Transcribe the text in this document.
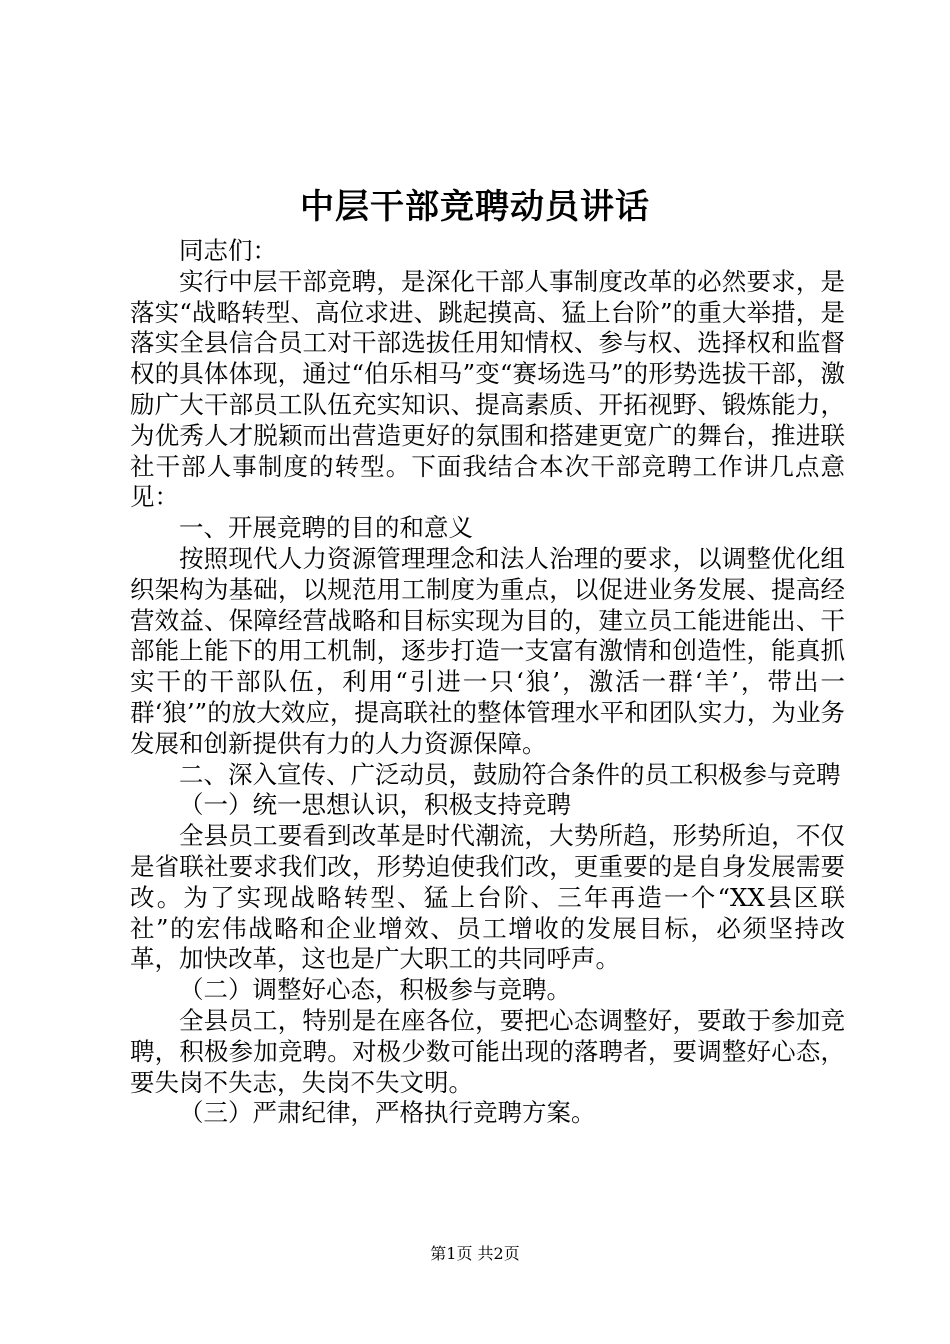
中层干部竞聘动员讲话

同志们：

实行中层干部竞聘，是深化干部人事制度改革的必然要求，是落实“战略转型、高位求进、跳起摸高、猛上台阶”的重大举措，是落实全县信合员工对干部选拔任用知情权、参与权、选择权和监督权的具体体现，通过“伯乐相马”变“赛场选马”的形势选拔干部，激励广大干部员工队伍充实知识、提高素质、开拓视野、锻炼能力，为优秀人才脱颖而出营造更好的氛围和搭建更宽广的舞台，推进联社干部人事制度的转型。下面我结合本次干部竞聘工作讲几点意见：

一、开展竞聘的目的和意义

按照现代人力资源管理理念和法人治理的要求，以调整优化组织架构为基础，以规范用工制度为重点，以促进业务发展、提高经营效益、保障经营战略和目标实现为目的，建立员工能进能出、干部能上能下的用工机制，逐步打造一支富有激情和创造性，能真抓实干的干部队伍，利用“引进一只‘狼’，激活一群‘羊’，带出一群‘狼’”的放大效应，提高联社的整体管理水平和团队实力，为业务发展和创新提供有力的人力资源保障。

二、深入宣传、广泛动员，鼓励符合条件的员工积极参与竞聘

（一）统一思想认识，积极支持竞聘

全县员工要看到改革是时代潮流，大势所趋，形势所迫，不仅是省联社要求我们改，形势迫使我们改，更重要的是自身发展需要改。为了实现战略转型、猛上台阶、三年再造一个“XX县区联社”的宏伟战略和企业增效、员工增收的发展目标，必须坚持改革，加快改革，这也是广大职工的共同呼声。

（二）调整好心态，积极参与竞聘。

全县员工，特别是在座各位，要把心态调整好，要敢于参加竞聘，积极参加竞聘。对极少数可能出现的落聘者，要调整好心态，要失岗不失志，失岗不失文明。

（三）严肃纪律，严格执行竞聘方案。

第1页 共2页
